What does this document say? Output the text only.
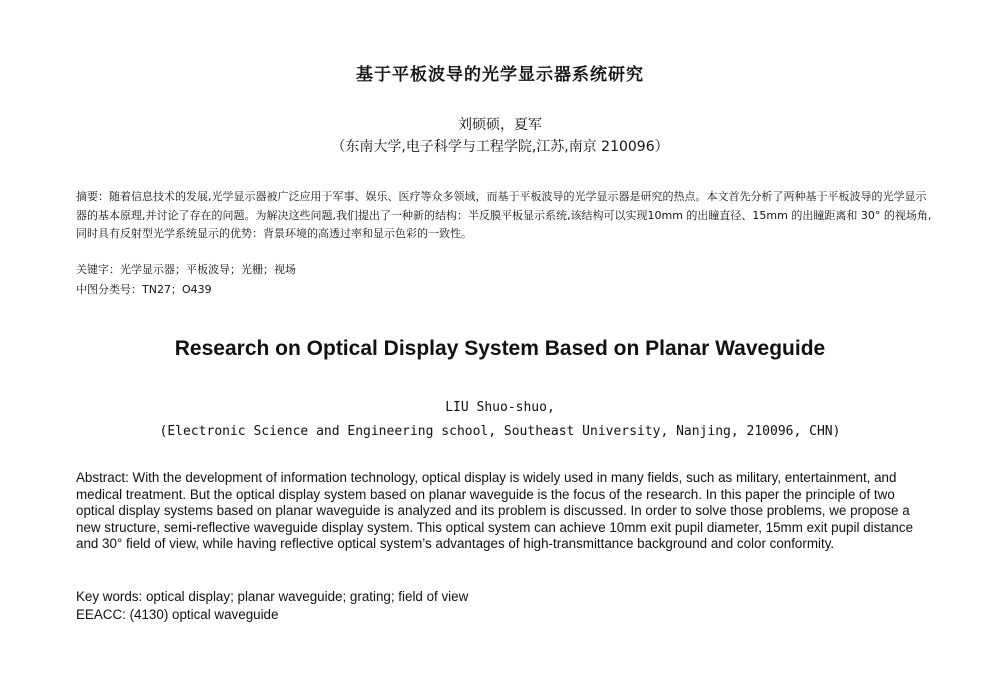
基于平板波导的光学显示器系统研究
刘硕硕，夏军
（东南大学,电子科学与工程学院,江苏,南京 210096）
摘要：随着信息技术的发展,光学显示器被广泛应用于军事、娱乐、医疗等众多领域，而基于平板波导的光学显示器是研究的热点。本文首先分析了两种基于平板波导的光学显示器的基本原理,并讨论了存在的问题。为解决这些问题,我们提出了一种新的结构：半反膜平板显示系统,该结构可以实现10mm 的出瞳直径、15mm 的出瞳距离和 30° 的视场角,同时具有反射型光学系统显示的优势：背景环境的高透过率和显示色彩的一致性。
关键字：光学显示器；平板波导；光栅；视场
中图分类号：TN27；O439
Research on Optical Display System Based on Planar Waveguide
LIU Shuo-shuo,
(Electronic Science and Engineering school, Southeast University, Nanjing, 210096, CHN)
Abstract: With the development of information technology, optical display is widely used in many fields, such as military, entertainment, and medical treatment. But the optical display system based on planar waveguide is the focus of the research. In this paper the principle of two optical display systems based on planar waveguide is analyzed and its problem is discussed. In order to solve those problems, we propose a new structure, semi-reflective waveguide display system. This optical system can achieve 10mm exit pupil diameter, 15mm exit pupil distance and 30° field of view, while having reflective optical system’s advantages of high-transmittance background and color conformity.
Key words: optical display; planar waveguide; grating; field of view
EEACC: (4130) optical waveguide
